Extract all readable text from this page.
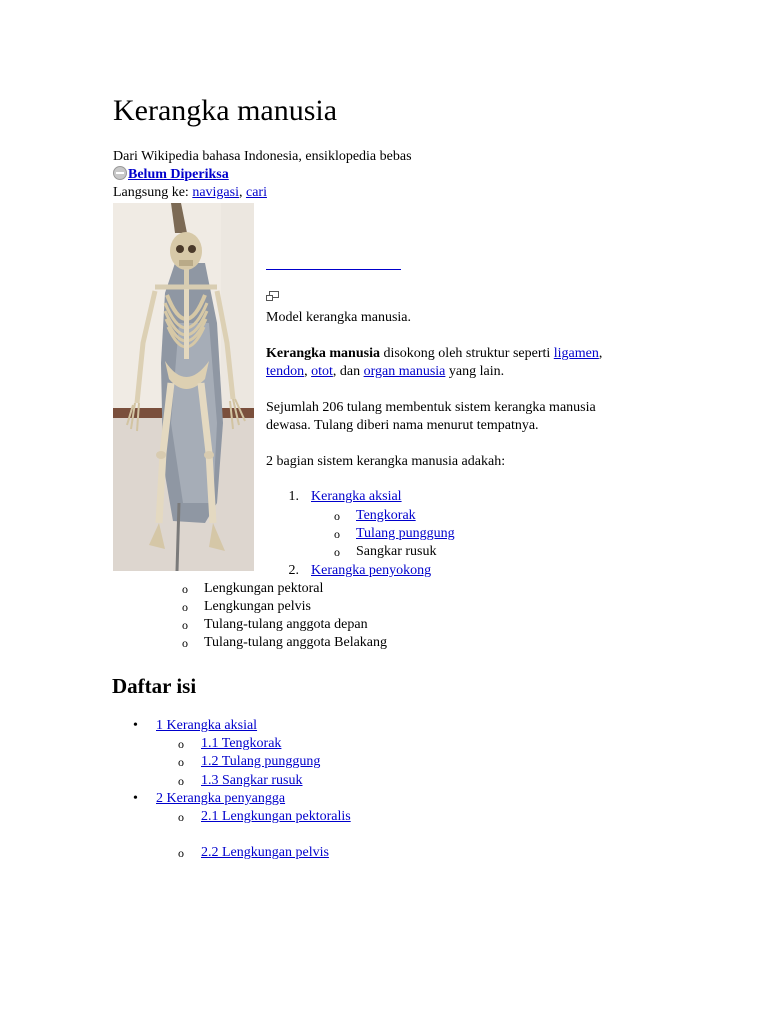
Kerangka manusia
Dari Wikipedia bahasa Indonesia, ensiklopedia bebas
Belum Diperiksa
Langsung ke: navigasi, cari
Model kerangka manusia.
Kerangka manusia disokong oleh struktur seperti ligamen, tendon, otot, dan organ manusia yang lain.
Sejumlah 206 tulang membentuk sistem kerangka manusia dewasa. Tulang diberi nama menurut tempatnya.
2 bagian sistem kerangka manusia adakah:
1. Kerangka aksial
o Tengkorak
o Tulang punggung
o Sangkar rusuk
2. Kerangka penyokong
o Lengkungan pektoral
o Lengkungan pelvis
o Tulang-tulang anggota depan
o Tulang-tulang anggota Belakang
Daftar isi
• 1 Kerangka aksial
o 1.1 Tengkorak
o 1.2 Tulang punggung
o 1.3 Sangkar rusuk
• 2 Kerangka penyangga
o 2.1 Lengkungan pektoralis
o 2.2 Lengkungan pelvis
